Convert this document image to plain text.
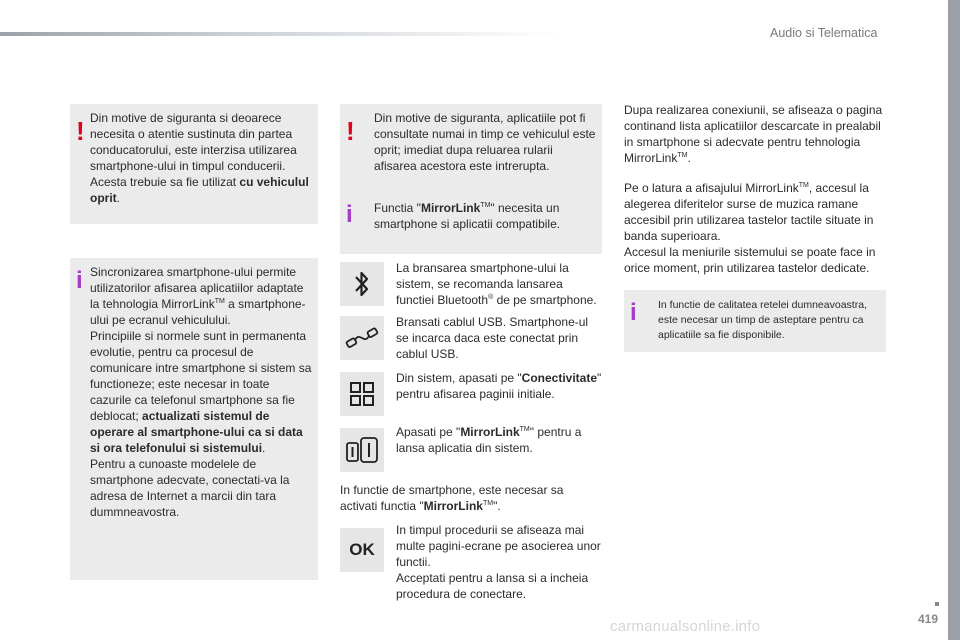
Audio si Telematica
! Din motive de siguranta si deoarece necesita o atentie sustinuta din partea conducatorului, este interzisa utilizarea smartphone-ului in timpul conducerii. Acesta trebuie sa fie utilizat cu vehiculul oprit.
i Sincronizarea smartphone-ului permite utilizatorilor afisarea aplicatiilor adaptate la tehnologia MirrorLink™ a smartphone-ului pe ecranul vehiculului.
Principiile si normele sunt in permanenta evolutie, pentru ca procesul de comunicare intre smartphone si sistem sa functioneze; este necesar in toate cazurile ca telefonul smartphone sa fie deblocat; actualizati sistemul de operare al smartphone-ului ca si data si ora telefonului si sistemului.
Pentru a cunoaste modelele de smartphone adecvate, conectati-va la adresa de Internet a marcii din tara dummneavostra.
! Din motive de siguranta, aplicatiile pot fi consultate numai in timp ce vehiculul este oprit; imediat dupa reluarea rularii afisarea acestora este intrerupta.
i Functia "MirrorLink™" necesita un smartphone si aplicatii compatibile.
La bransarea smartphone-ului la sistem, se recomanda lansarea functiei Bluetooth® de pe smartphone.
Bransati cablul USB. Smartphone-ul se incarca daca este conectat prin cablul USB.
Din sistem, apasati pe "Conectivitate" pentru afisarea paginii initiale.
Apasati pe "MirrorLink™" pentru a lansa aplicatia din sistem.
In functie de smartphone, este necesar sa activati functia "MirrorLink™".
OK
In timpul procedurii se afiseaza mai multe pagini-ecrane pe asocierea unor functii.
Acceptati pentru a lansa si a incheia procedura de conectare.
Dupa realizarea conexiunii, se afiseaza o pagina continand lista aplicatiilor descarcate in prealabil in smartphone si adecvate pentru tehnologia MirrorLink™.
Pe o latura a afisajului MirrorLink™, accesul la alegerea diferitelor surse de muzica ramane accesibil prin utilizarea tastelor tactile situate in banda superioara.
Accesul la meniurile sistemului se poate face in orice moment, prin utilizarea tastelor dedicate.
i In functie de calitatea retelei dumneavoastra, este necesar un timp de asteptare pentru ca aplicatiile sa fie disponibile.
carmanualsonline.info	419
